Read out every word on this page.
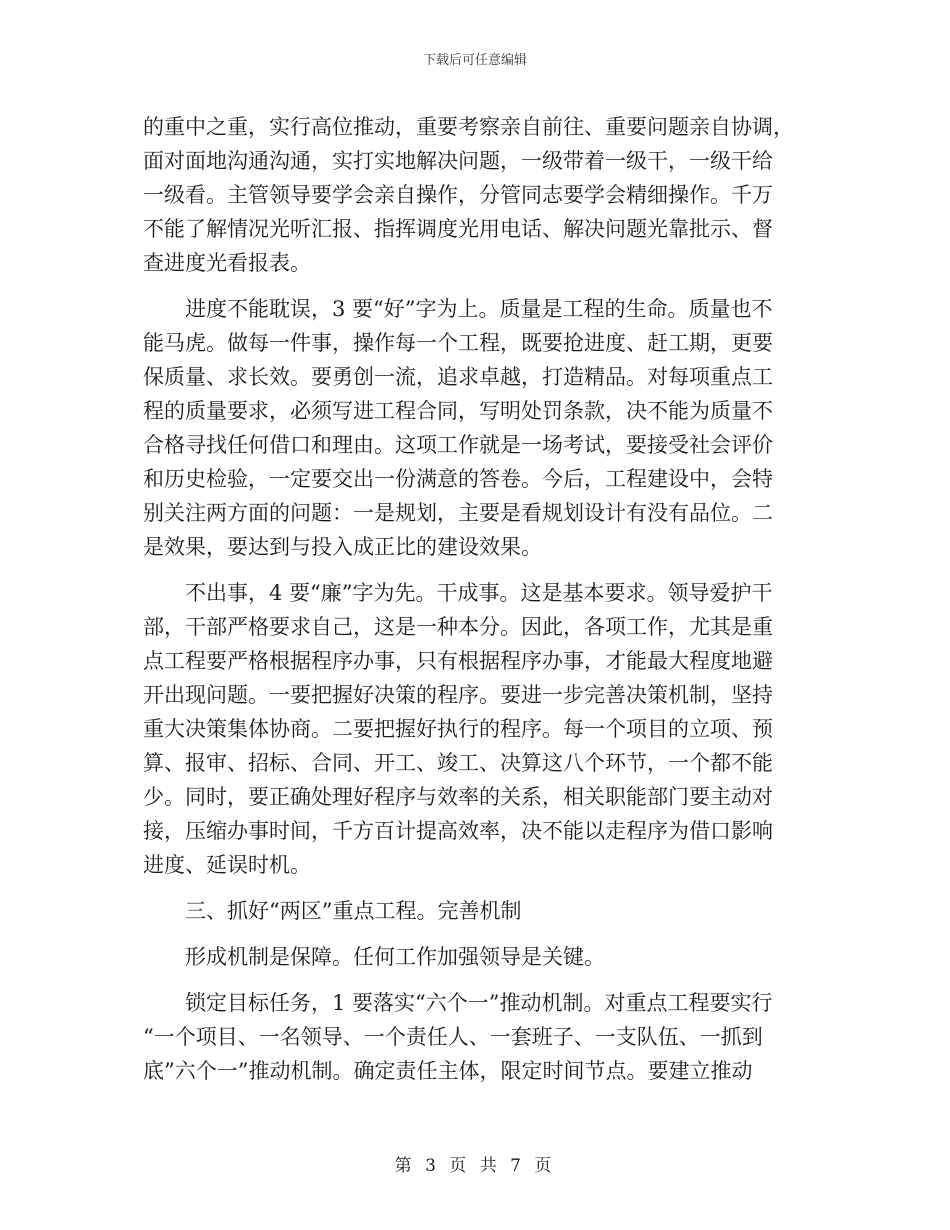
下载后可任意编辑
的重中之重，实行高位推动，重要考察亲自前往、重要问题亲自协调，
面对面地沟通沟通，实打实地解决问题，一级带着一级干，一级干给
一级看。主管领导要学会亲自操作，分管同志要学会精细操作。千万
不能了解情况光听汇报、指挥调度光用电话、解决问题光靠批示、督
查进度光看报表。
　　进度不能耽误，3 要“好”字为上。质量是工程的生命。质量也不
能马虎。做每一件事，操作每一个工程，既要抢进度、赶工期，更要
保质量、求长效。要勇创一流，追求卓越，打造精品。对每项重点工
程的质量要求，必须写进工程合同，写明处罚条款，决不能为质量不
合格寻找任何借口和理由。这项工作就是一场考试，要接受社会评价
和历史检验，一定要交出一份满意的答卷。今后，工程建设中，会特
别关注两方面的问题：一是规划，主要是看规划设计有没有品位。二
是效果，要达到与投入成正比的建设效果。
　　不出事，4 要“廉”字为先。干成事。这是基本要求。领导爱护干
部，干部严格要求自己，这是一种本分。因此，各项工作，尤其是重
点工程要严格根据程序办事，只有根据程序办事，才能最大程度地避
开出现问题。一要把握好决策的程序。要进一步完善决策机制，坚持
重大决策集体协商。二要把握好执行的程序。每一个项目的立项、预
算、报审、招标、合同、开工、竣工、决算这八个环节，一个都不能
少。同时，要正确处理好程序与效率的关系，相关职能部门要主动对
接，压缩办事时间，千方百计提高效率，决不能以走程序为借口影响
进度、延误时机。
　　三、抓好“两区”重点工程。完善机制
　　形成机制是保障。任何工作加强领导是关键。
　　锁定目标任务，1 要落实“六个一”推动机制。对重点工程要实行
“一个项目、一名领导、一个责任人、一套班子、一支队伍、一抓到
底”六个一”推动机制。确定责任主体，限定时间节点。要建立推动
第 3 页 共 7 页
